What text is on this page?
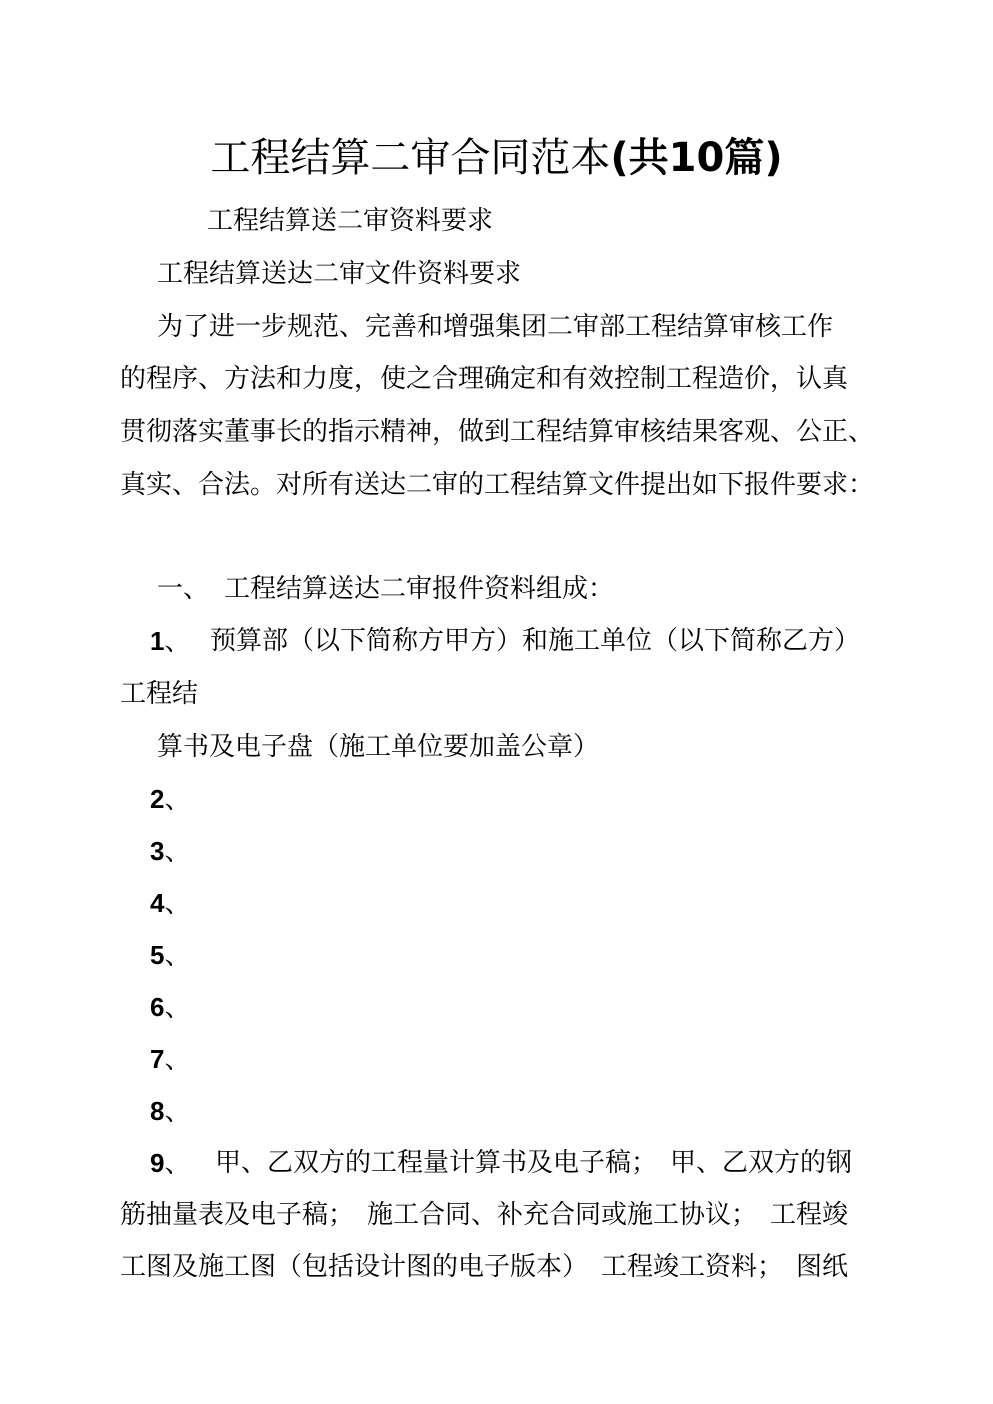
工程结算二审合同范本(共10篇)
工程结算送二审资料要求
工程结算送达二审文件资料要求
为了进一步规范、完善和增强集团二审部工程结算审核工作
的程序、方法和力度，使之合理确定和有效控制工程造价，认真
贯彻落实董事长的指示精神，做到工程结算审核结果客观、公正、
真实、合法。对所有送达二审的工程结算文件提出如下报件要求：
一、 工程结算送达二审报件资料组成：
1、 预算部（以下简称方甲方）和施工单位（以下简称乙方）
工程结
算书及电子盘（施工单位要加盖公章）
2、
3、
4、
5、
6、
7、
8、
9、 甲、乙双方的工程量计算书及电子稿；　甲、乙双方的钢
筋抽量表及电子稿；　施工合同、补充合同或施工协议；　工程竣
工图及施工图（包括设计图的电子版本）　工程竣工资料；　图纸
